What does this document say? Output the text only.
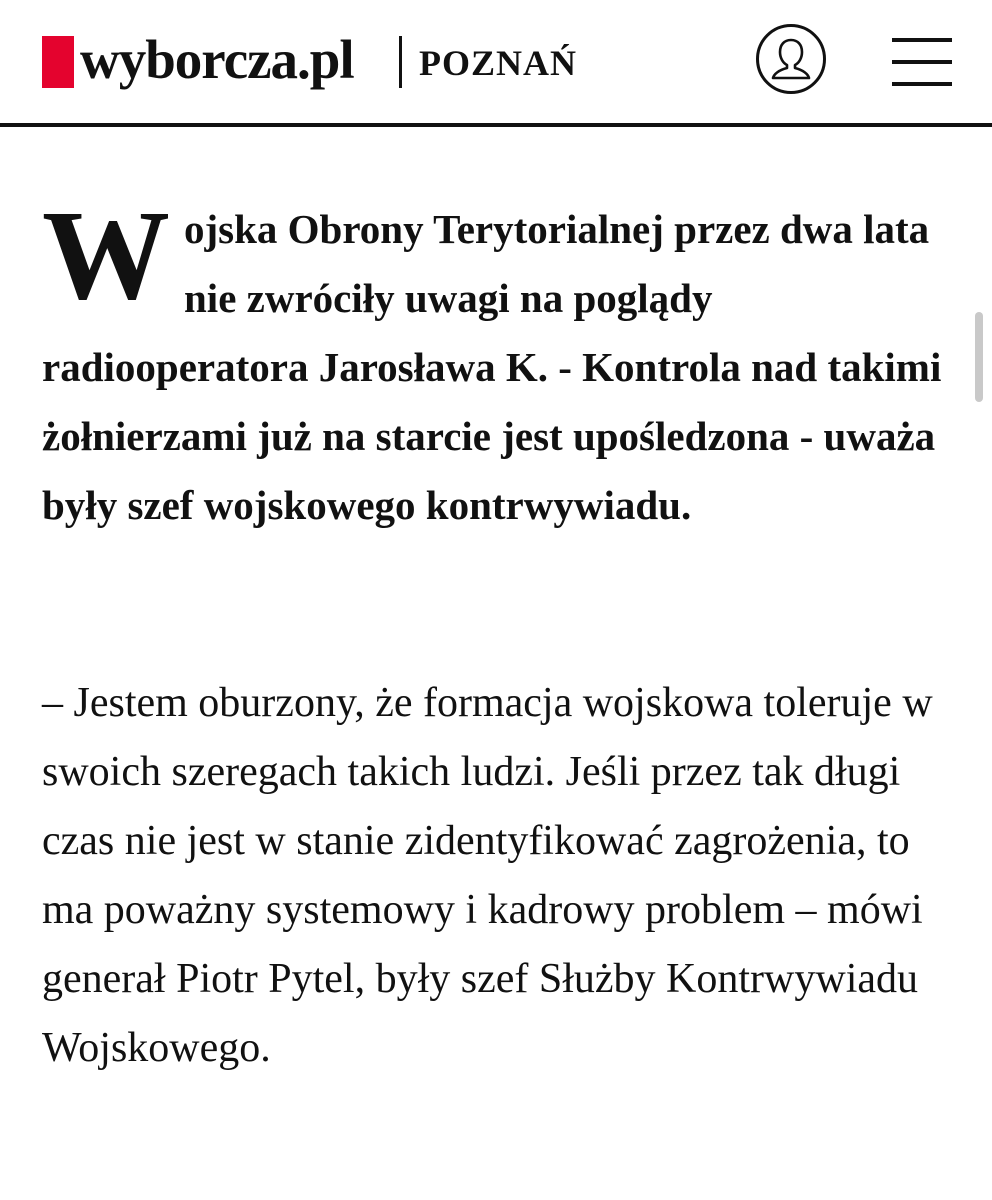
wyborcza.pl POZNAŃ

Wojska Obrony Terytorialnej przez dwa lata nie zwróciły uwagi na poglądy radiooperatora Jarosława K. - Kontrola nad takimi żołnierzami już na starcie jest upośledzona - uważa były szef wojskowego kontrwywiadu.

– Jestem oburzony, że formacja wojskowa toleruje w swoich szeregach takich ludzi. Jeśli przez tak długi czas nie jest w stanie zidentyfikować zagrożenia, to ma poważny systemowy i kadrowy problem – mówi generał Piotr Pytel, były szef Służby Kontrwywiadu Wojskowego.
